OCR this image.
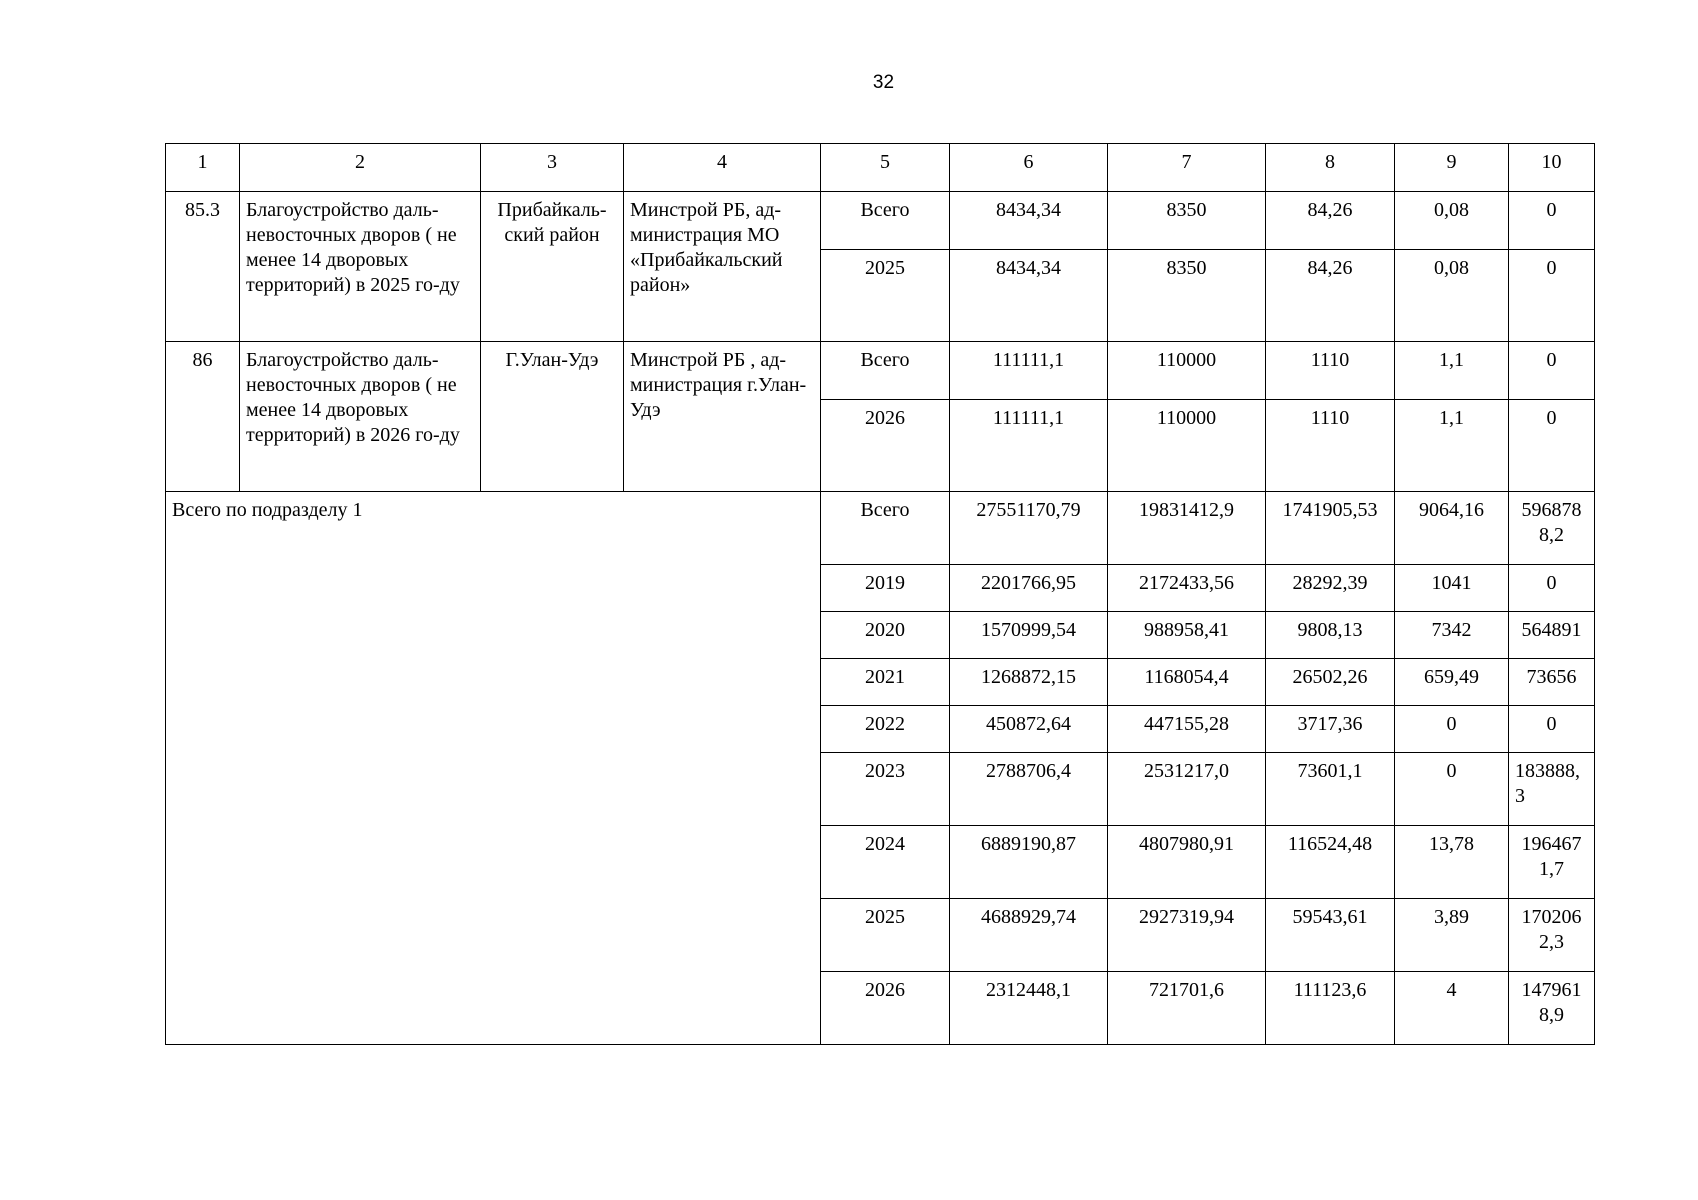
32
1	2	3	4	5	6	7	8	9	10
85.3	Благоустройство даль-невосточных дворов ( не менее 14 дворовых территорий) в 2025 го-ду	Прибайкаль-ский район	Минстрой РБ, ад-министрация МО «Прибайкальский район»	Всего	8434,34	8350	84,26	0,08	0
				2025	8434,34	8350	84,26	0,08	0
86	Благоустройство даль-невосточных дворов ( не менее 14 дворовых территорий) в 2026 го-ду	Г.Улан-Удэ	Минстрой РБ , ад-министрация г.Улан-Удэ	Всего	111111,1	110000	1110	1,1	0
				2026	111111,1	110000	1110	1,1	0
Всего по подразделу 1				Всего	27551170,79	19831412,9	1741905,53	9064,16	5968788,2
				2019	2201766,95	2172433,56	28292,39	1041	0
				2020	1570999,54	988958,41	9808,13	7342	564891
				2021	1268872,15	1168054,4	26502,26	659,49	73656
				2022	450872,64	447155,28	3717,36	0	0
				2023	2788706,4	2531217,0	73601,1	0	183888,3
				2024	6889190,87	4807980,91	116524,48	13,78	1964671,7
				2025	4688929,74	2927319,94	59543,61	3,89	1702062,3
				2026	2312448,1	721701,6	111123,6	4	1479618,9
